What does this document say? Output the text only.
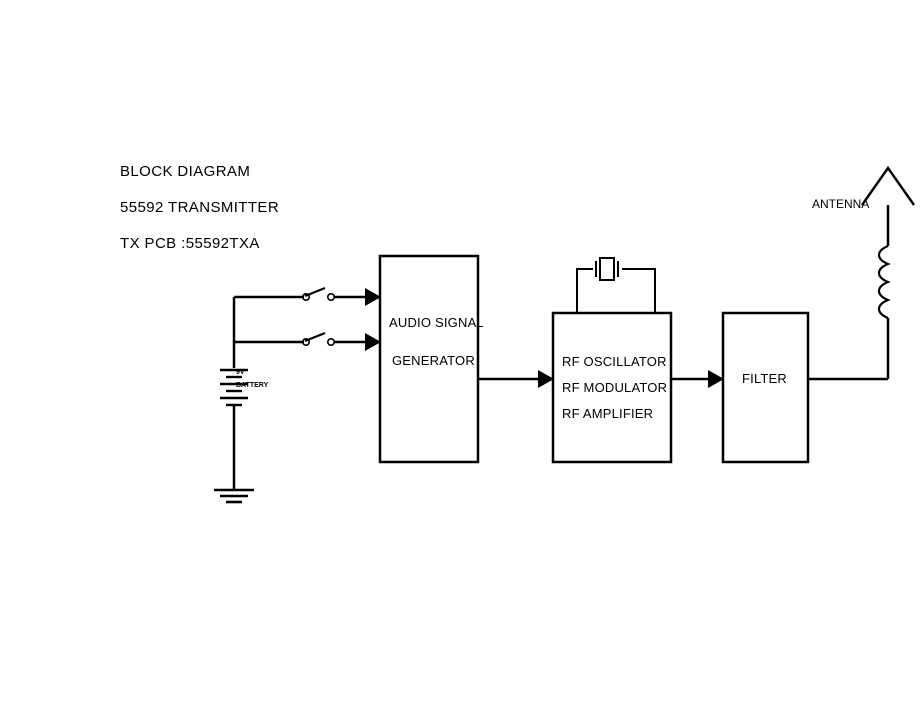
BLOCK DIAGRAM
55592 TRANSMITTER
TX PCB :55592TXA
AUDIO SIGNAL
GENERATOR	RF OSCILLATOR
RF MODULATOR
RF AMPLIFIER
FILTER
9V
BATTERY
ANTENNA
